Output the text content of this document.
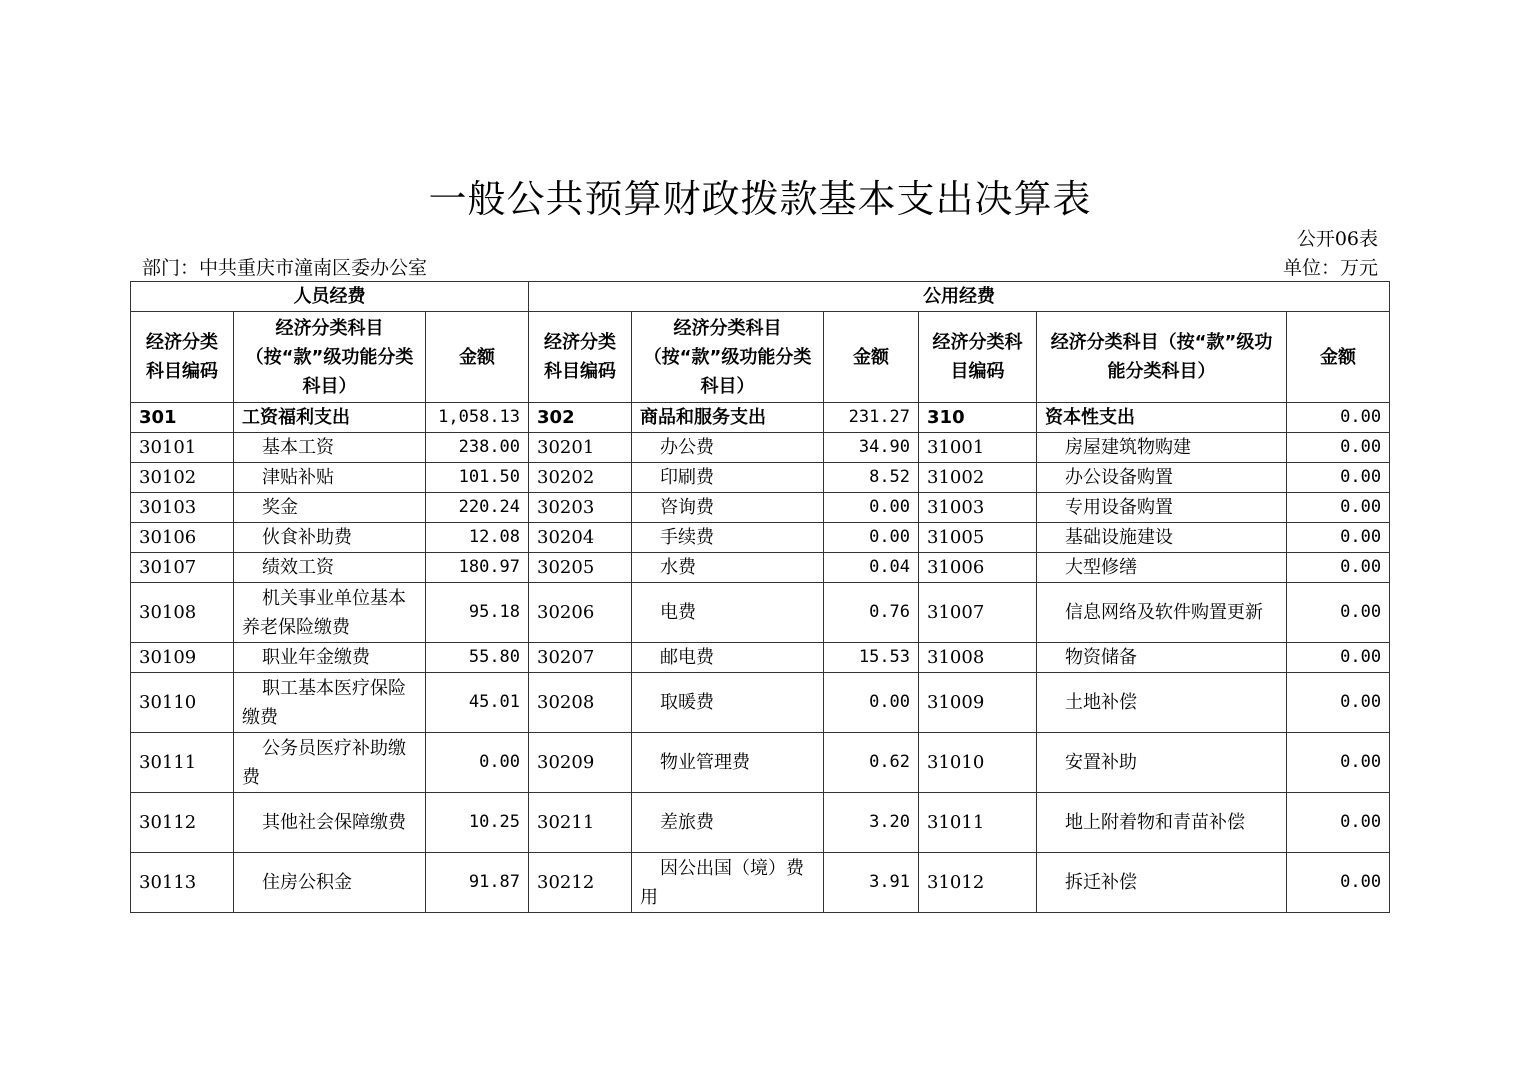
一般公共预算财政拨款基本支出决算表
公开06表
部门：中共重庆市潼南区委办公室	单位：万元
人员经费			公用经费					
经济分类科目编码	经济分类科目（按“款”级功能分类科目）	金额	经济分类科目编码	经济分类科目（按“款”级功能分类科目）	金额	经济分类科目编码	经济分类科目（按“款”级功能分类科目）	金额
301	工资福利支出	1,058.13	302	商品和服务支出	231.27	310	资本性支出	0.00
30101	基本工资	238.00	30201	办公费	34.90	31001	房屋建筑物购建	0.00
30102	津贴补贴	101.50	30202	印刷费	8.52	31002	办公设备购置	0.00
30103	奖金	220.24	30203	咨询费	0.00	31003	专用设备购置	0.00
30106	伙食补助费	12.08	30204	手续费	0.00	31005	基础设施建设	0.00
30107	绩效工资	180.97	30205	水费	0.04	31006	大型修缮	0.00
30108	机关事业单位基本养老保险缴费	95.18	30206	电费	0.76	31007	信息网络及软件购置更新	0.00
30109	职业年金缴费	55.80	30207	邮电费	15.53	31008	物资储备	0.00
30110	职工基本医疗保险缴费	45.01	30208	取暖费	0.00	31009	土地补偿	0.00
30111	公务员医疗补助缴费	0.00	30209	物业管理费	0.62	31010	安置补助	0.00
30112	其他社会保障缴费	10.25	30211	差旅费	3.20	31011	地上附着物和青苗补偿	0.00
30113	住房公积金	91.87	30212	因公出国（境）费用	3.91	31012	拆迁补偿	0.00
